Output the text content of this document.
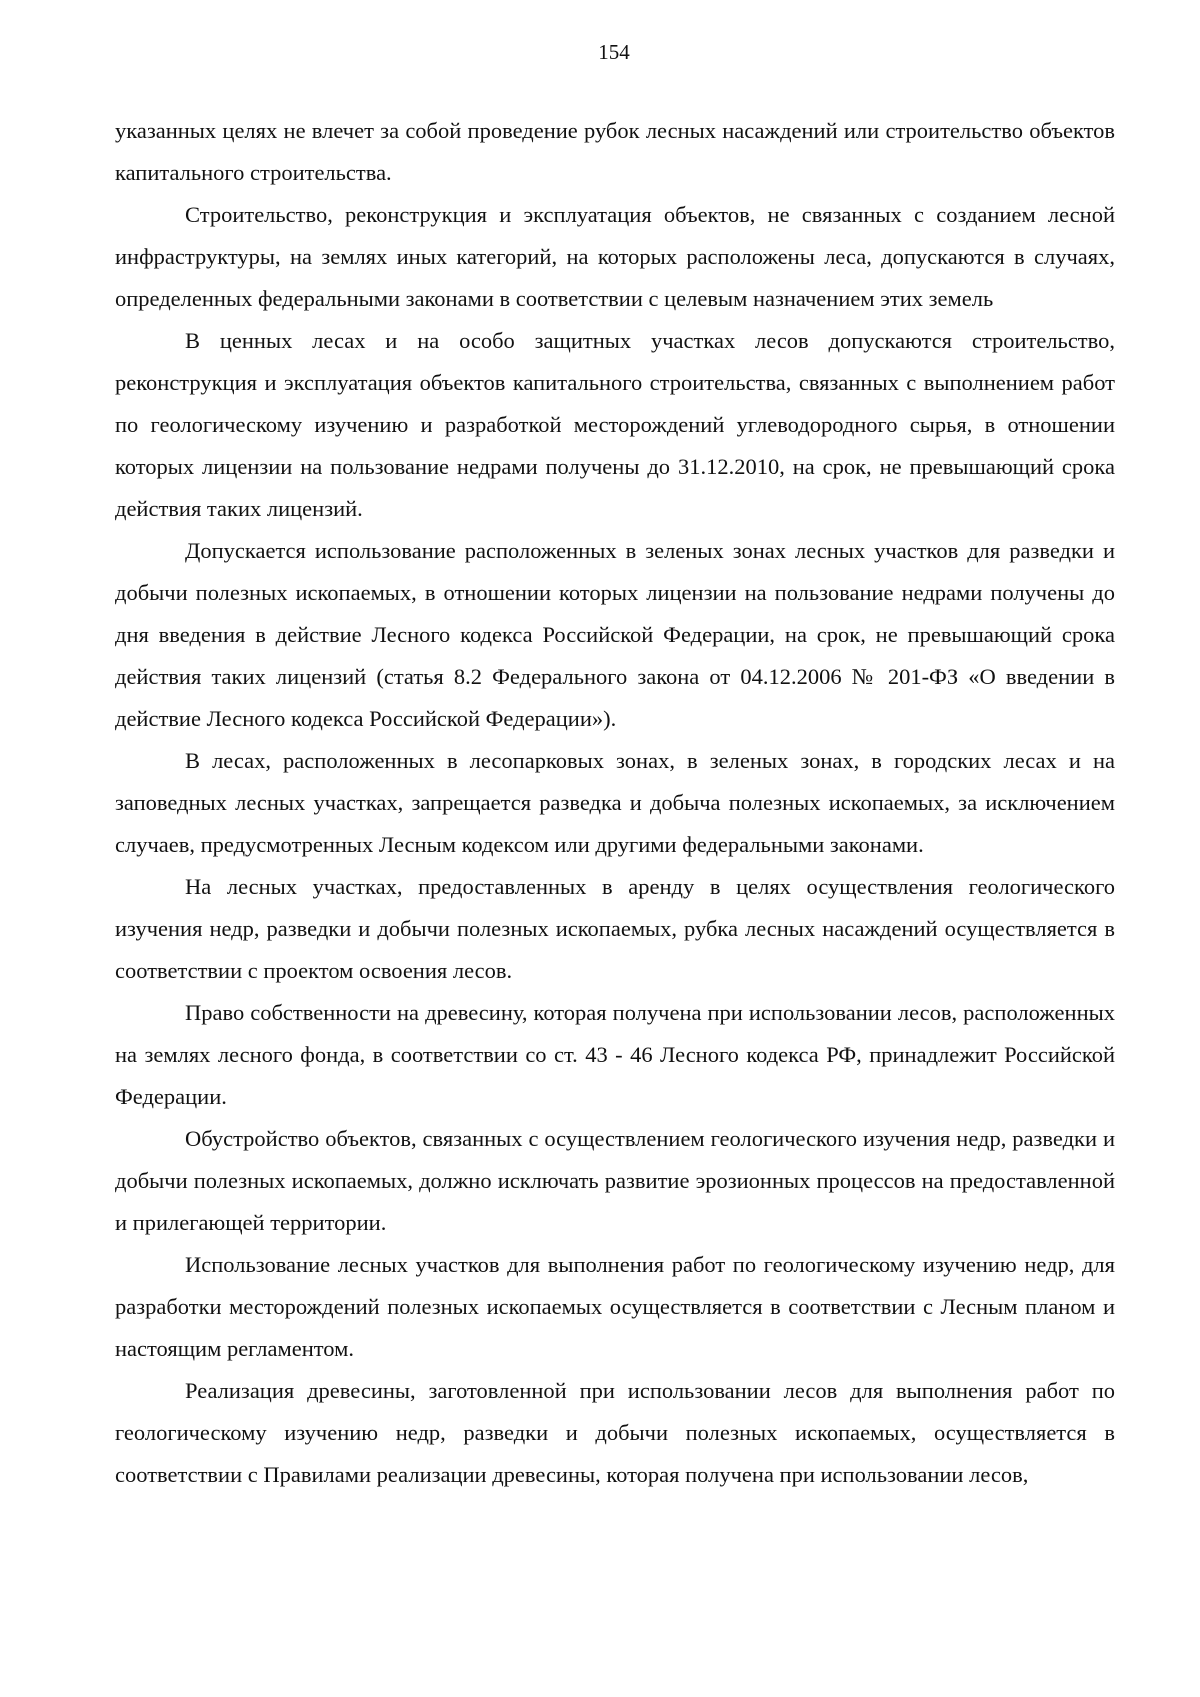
154

указанных целях не влечет за собой проведение рубок лесных насаждений или строительство объектов капитального строительства.

Строительство, реконструкция и эксплуатация объектов, не связанных с созданием лесной инфраструктуры, на землях иных категорий, на которых расположены леса, допускаются в случаях, определенных федеральными законами в соответствии с целевым назначением этих земель

В ценных лесах и на особо защитных участках лесов допускаются строительство, реконструкция и эксплуатация объектов капитального строительства, связанных с выполнением работ по геологическому изучению и разработкой месторождений углеводородного сырья, в отношении которых лицензии на пользование недрами получены до 31.12.2010, на срок, не превышающий срока действия таких лицензий.

Допускается использование расположенных в зеленых зонах лесных участков для разведки и добычи полезных ископаемых, в отношении которых лицензии на пользование недрами получены до дня введения в действие Лесного кодекса Российской Федерации, на срок, не превышающий срока действия таких лицензий (статья 8.2 Федерального закона от 04.12.2006 № 201-ФЗ «О введении в действие Лесного кодекса Российской Федерации»).

В лесах, расположенных в лесопарковых зонах, в зеленых зонах, в городских лесах и на заповедных лесных участках, запрещается разведка и добыча полезных ископаемых, за исключением случаев, предусмотренных Лесным кодексом или другими федеральными законами.

На лесных участках, предоставленных в аренду в целях осуществления геологического изучения недр, разведки и добычи полезных ископаемых, рубка лесных насаждений осуществляется в соответствии с проектом освоения лесов.

Право собственности на древесину, которая получена при использовании лесов, расположенных на землях лесного фонда, в соответствии со ст. 43 - 46 Лесного кодекса РФ, принадлежит Российской Федерации.

Обустройство объектов, связанных с осуществлением геологического изучения недр, разведки и добычи полезных ископаемых, должно исключать развитие эрозионных процессов на предоставленной и прилегающей территории.

Использование лесных участков для выполнения работ по геологическому изучению недр, для разработки месторождений полезных ископаемых осуществляется в соответствии с Лесным планом и настоящим регламентом.

Реализация древесины, заготовленной при использовании лесов для выполнения работ по геологическому изучению недр, разведки и добычи полезных ископаемых, осуществляется в соответствии с Правилами реализации древесины, которая получена при использовании лесов,
